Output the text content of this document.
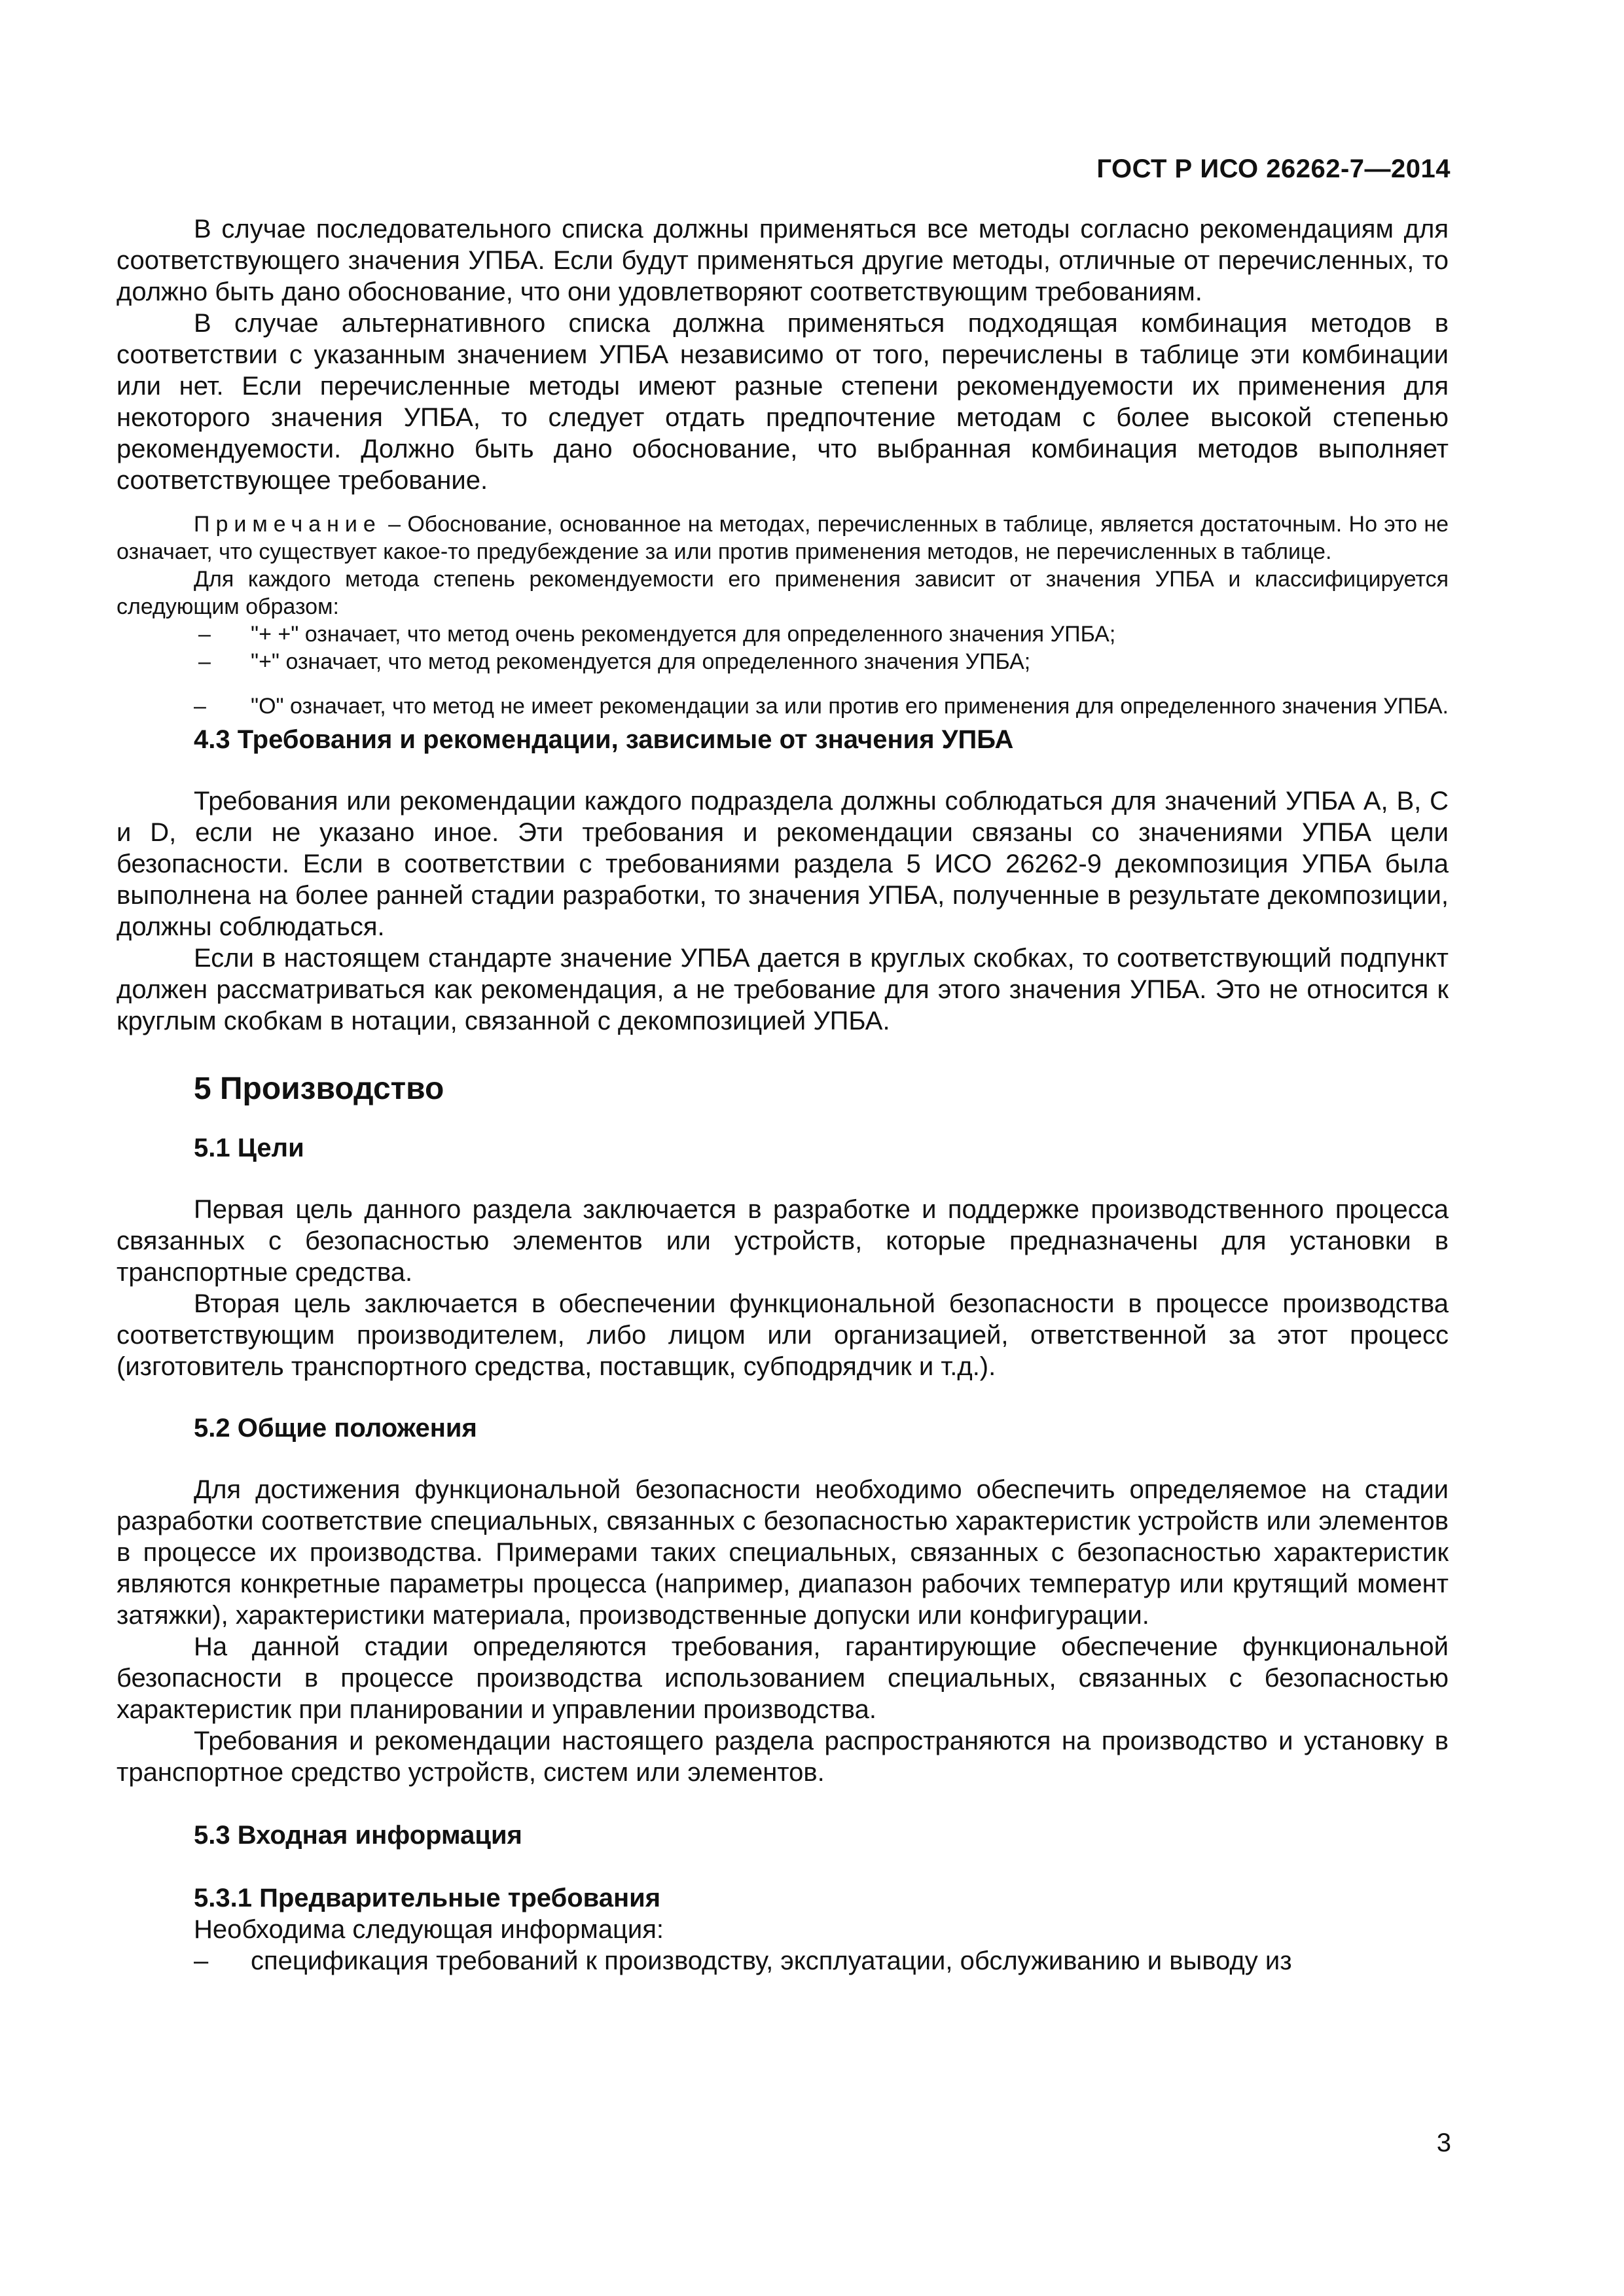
ГОСТ Р ИСО 26262-7—2014

В случае последовательного списка должны применяться все методы согласно рекомендациям для соответствующего значения УПБА. Если будут применяться другие методы, отличные от перечисленных, то должно быть дано обоснование, что они удовлетворяют соответствующим требованиям.

В случае альтернативного списка должна применяться подходящая комбинация методов в соответствии с указанным значением УПБА независимо от того, перечислены в таблице эти комбинации или нет. Если перечисленные методы имеют разные степени рекомендуемости их применения для некоторого значения УПБА, то следует отдать предпочтение методам с более высокой степенью рекомендуемости. Должно быть дано обоснование, что выбранная комбинация методов выполняет соответствующее требование.

Примечание – Обоснование, основанное на методах, перечисленных в таблице, является достаточным. Но это не означает, что существует какое-то предубеждение за или против применения методов, не перечисленных в таблице.

Для каждого метода степень рекомендуемости его применения зависит от значения УПБА и классифицируется следующим образом:

–	"+ +" означает, что метод очень рекомендуется для определенного значения УПБА;
–	"+" означает, что метод рекомендуется для определенного значения УПБА;

– "О" означает, что метод не имеет рекомендации за или против его применения для определенного значения УПБА.

4.3 Требования и рекомендации, зависимые от значения УПБА

Требования или рекомендации каждого подраздела должны соблюдаться для значений УПБА А, В, С и D, если не указано иное. Эти требования и рекомендации связаны со значениями УПБА цели безопасности. Если в соответствии с требованиями раздела 5 ИСО 26262-9 декомпозиция УПБА была выполнена на более ранней стадии разработки, то значения УПБА, полученные в результате декомпозиции, должны соблюдаться.

Если в настоящем стандарте значение УПБА дается в круглых скобках, то соответствующий подпункт должен рассматриваться как рекомендация, а не требование для этого значения УПБА. Это не относится к круглым скобкам в нотации, связанной с декомпозицией УПБА.

5 Производство
5.1 Цели

Первая цель данного раздела заключается в разработке и поддержке производственного процесса связанных с безопасностью элементов или устройств, которые предназначены для установки в транспортные средства.

Вторая цель заключается в обеспечении функциональной безопасности в процессе производства соответствующим производителем, либо лицом или организацией, ответственной за этот процесс (изготовитель транспортного средства, поставщик, субподрядчик и т.д.).

5.2 Общие положения

Для достижения функциональной безопасности необходимо обеспечить определяемое на стадии разработки соответствие специальных, связанных с безопасностью характеристик устройств или элементов в процессе их производства. Примерами таких специальных, связанных с безопасностью характеристик являются конкретные параметры процесса (например, диапазон рабочих температур или крутящий момент затяжки), характеристики материала, производственные допуски или конфигурации.

На данной стадии определяются требования, гарантирующие обеспечение функциональной безопасности в процессе производства использованием специальных, связанных с безопасностью характеристик при планировании и управлении производства.

Требования и рекомендации настоящего раздела распространяются на производство и установку в транспортное средство устройств, систем или элементов.

5.3 Входная информация
5.3.1 Предварительные требования

Необходима следующая информация:

–	спецификация требований к производству, эксплуатации, обслуживанию и выводу из
3
